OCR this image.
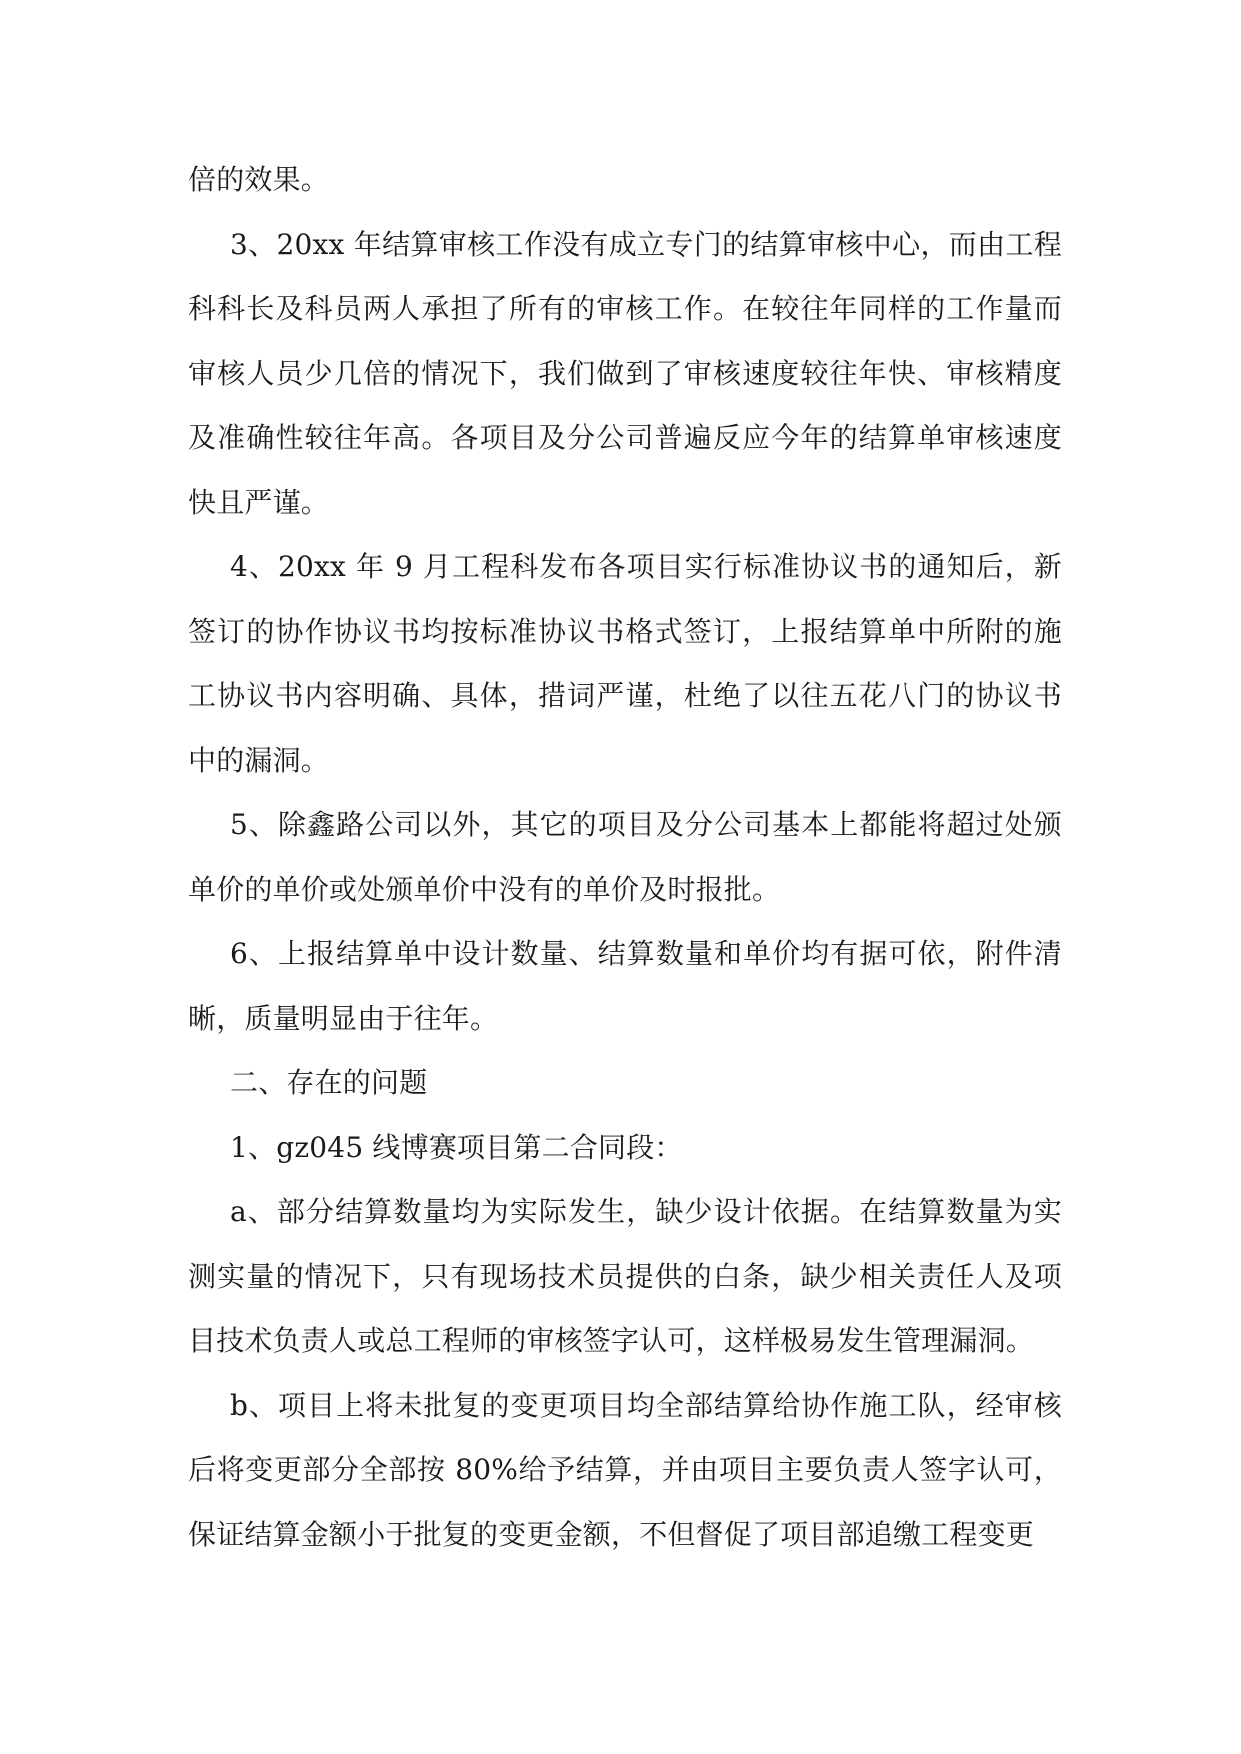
倍的效果。

3、20xx 年结算审核工作没有成立专门的结算审核中心，而由工程科科长及科员两人承担了所有的审核工作。在较往年同样的工作量而审核人员少几倍的情况下，我们做到了审核速度较往年快、审核精度及准确性较往年高。各项目及分公司普遍反应今年的结算单审核速度快且严谨。

4、20xx 年 9 月工程科发布各项目实行标准协议书的通知后，新签订的协作协议书均按标准协议书格式签订，上报结算单中所附的施工协议书内容明确、具体，措词严谨，杜绝了以往五花八门的协议书中的漏洞。

5、除鑫路公司以外，其它的项目及分公司基本上都能将超过处颁单价的单价或处颁单价中没有的单价及时报批。

6、上报结算单中设计数量、结算数量和单价均有据可依，附件清晰，质量明显由于往年。

二、存在的问题

1、gz045 线博赛项目第二合同段：

a、部分结算数量均为实际发生，缺少设计依据。在结算数量为实测实量的情况下，只有现场技术员提供的白条，缺少相关责任人及项目技术负责人或总工程师的审核签字认可，这样极易发生管理漏洞。

b、项目上将未批复的变更项目均全部结算给协作施工队，经审核后将变更部分全部按 80%给予结算，并由项目主要负责人签字认可，保证结算金额小于批复的变更金额，不但督促了项目部追缴工程变更
